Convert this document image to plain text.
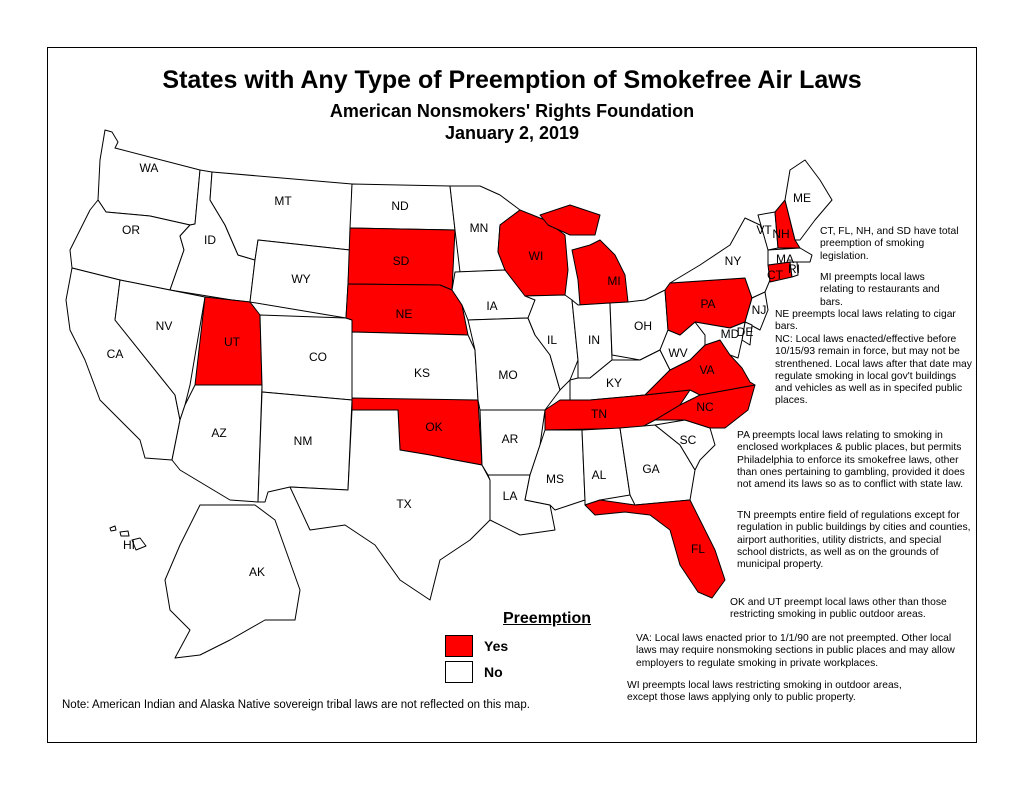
States with Any Type of Preemption of Smokefree Air Laws
American Nonsmokers' Rights Foundation
January 2, 2019
WA
OR
CA
ID
NV
MT
WY
UT
AZ
CO
NM
ND
SD
NE
KS
OK
TX
MN
IA
MO
AR
LA
WI
IL
MI
IN
OH
KY
TN
MS AL	GA
FL
SC
NC
VA
WV
PA
NY
NJ
DE
MD
CT RI
MA
VT NH
ME
AK
HI

CT, FL, NH, and SD have total preemption of smoking legislation.

MI preempts local laws relating to restaurants and bars.

NE preempts local laws relating to cigar bars.

NC: Local laws enacted/effective before 10/15/93 remain in force, but may not be strenthened. Local laws after that date may regulate smoking in local gov't buildings and vehicles as well as in specifed public places.

PA preempts local laws relating to smoking in enclosed workplaces & public places, but permits Philadelphia to enforce its smokefree laws, other than ones pertaining to gambling, provided it does not amend its laws so as to conflict with state law.

TN preempts entire field of regulations except for regulation in public buildings by cities and counties, airport authorities, utility districts, and special school districts, as well as on the grounds of municipal property.

OK and UT preempt local laws other than those restricting smoking in public outdoor areas.

VA: Local laws enacted prior to 1/1/90 are not preempted. Other local laws may require nonsmoking sections in public places and may allow employers to regulate smoking in private workplaces.

WI preempts local laws restricting smoking in outdoor areas, except those laws applying only to public property.

Preemption
Yes
No
Note: American Indian and Alaska Native sovereign tribal laws are not reflected on this map.
